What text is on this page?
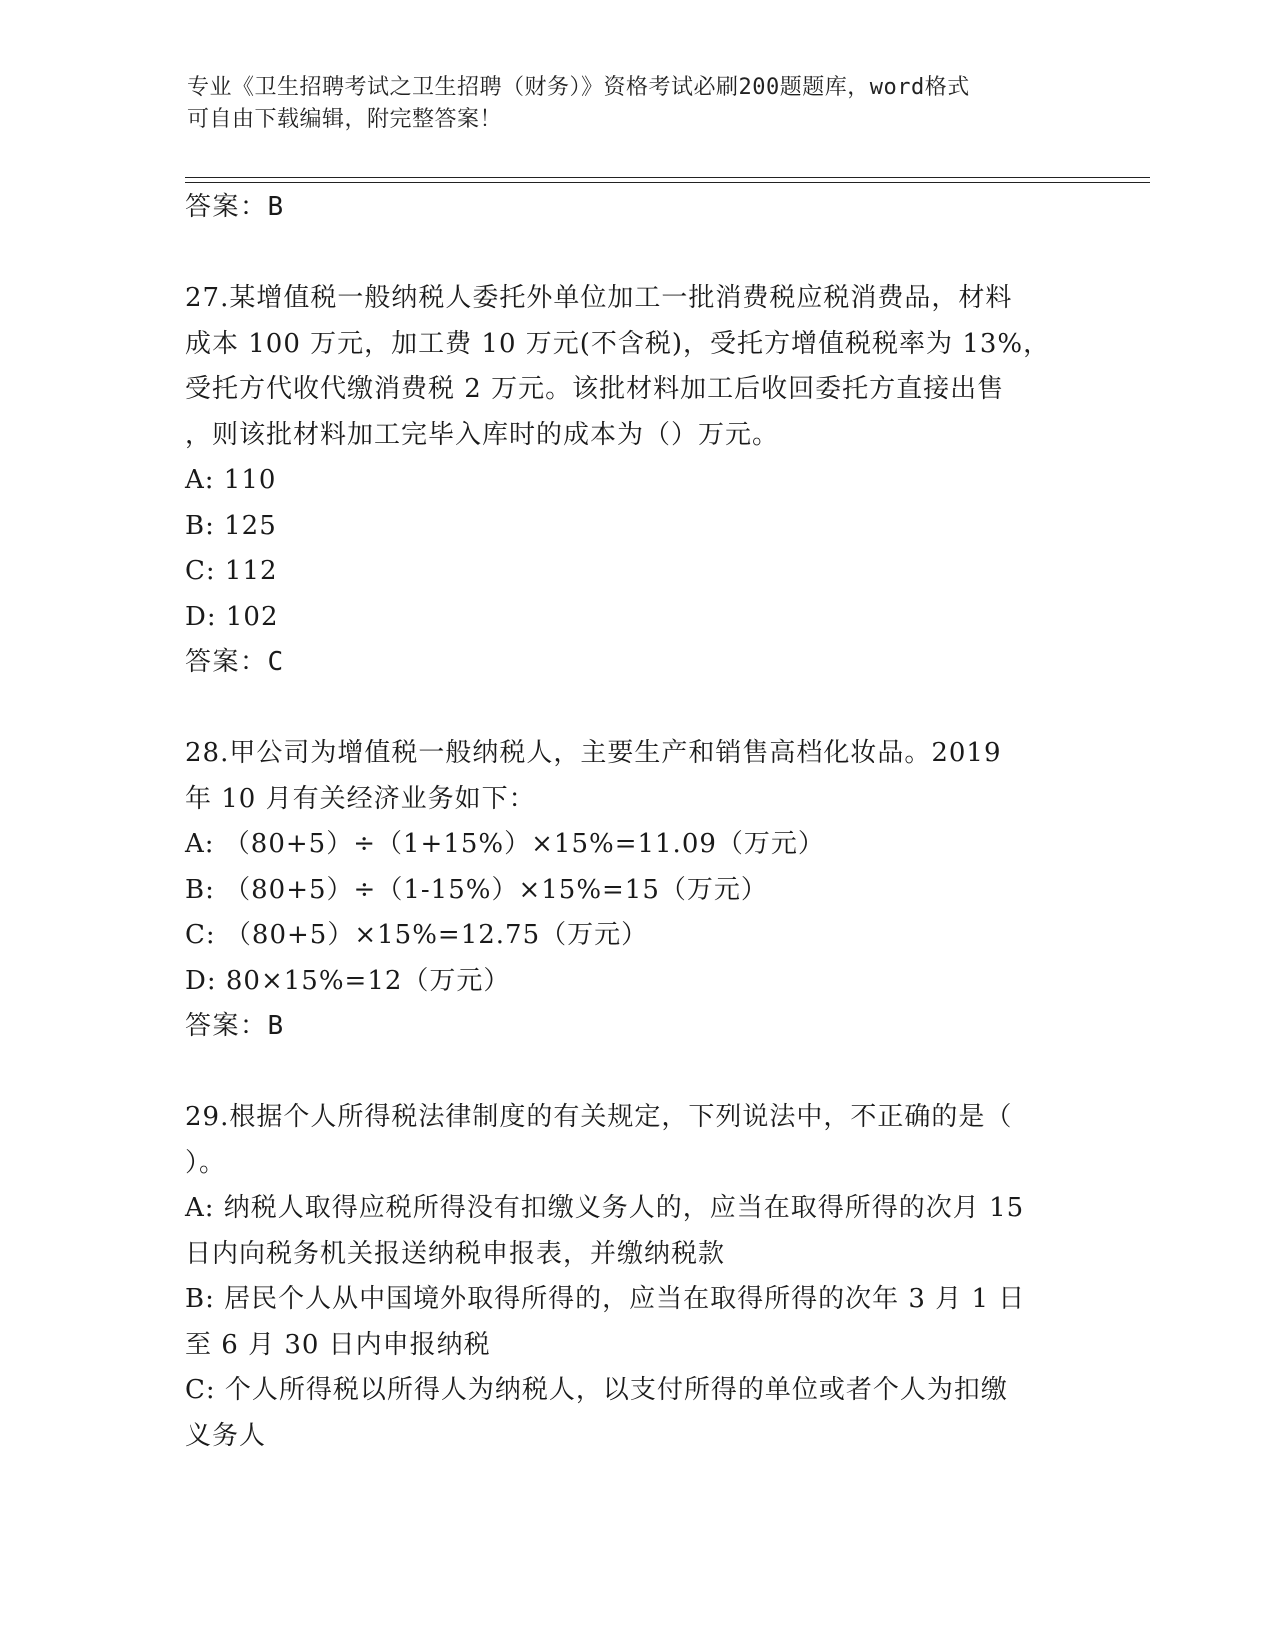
专业《卫生招聘考试之卫生招聘（财务）》资格考试必刷200题题库，word格式
可自由下载编辑，附完整答案！
答案：B
27.某增值税一般纳税人委托外单位加工一批消费税应税消费品，材料
成本 100 万元，加工费 10 万元(不含税)，受托方增值税税率为 13%，
受托方代收代缴消费税 2 万元。该批材料加工后收回委托方直接出售
，则该批材料加工完毕入库时的成本为（）万元。
A: 110
B: 125
C: 112
D: 102
答案：C
28.甲公司为增值税一般纳税人，主要生产和销售高档化妆品。2019
年 10 月有关经济业务如下：
A: （80+5）÷（1+15%）×15%=11.09（万元）
B: （80+5）÷（1-15%）×15%=15（万元）
C: （80+5）×15%=12.75（万元）
D: 80×15%=12（万元）
答案：B
29.根据个人所得税法律制度的有关规定，下列说法中，不正确的是（
）。
A: 纳税人取得应税所得没有扣缴义务人的，应当在取得所得的次月 15
日内向税务机关报送纳税申报表，并缴纳税款
B: 居民个人从中国境外取得所得的，应当在取得所得的次年 3 月 1 日
至 6 月 30 日内申报纳税
C: 个人所得税以所得人为纳税人，以支付所得的单位或者个人为扣缴
义务人
